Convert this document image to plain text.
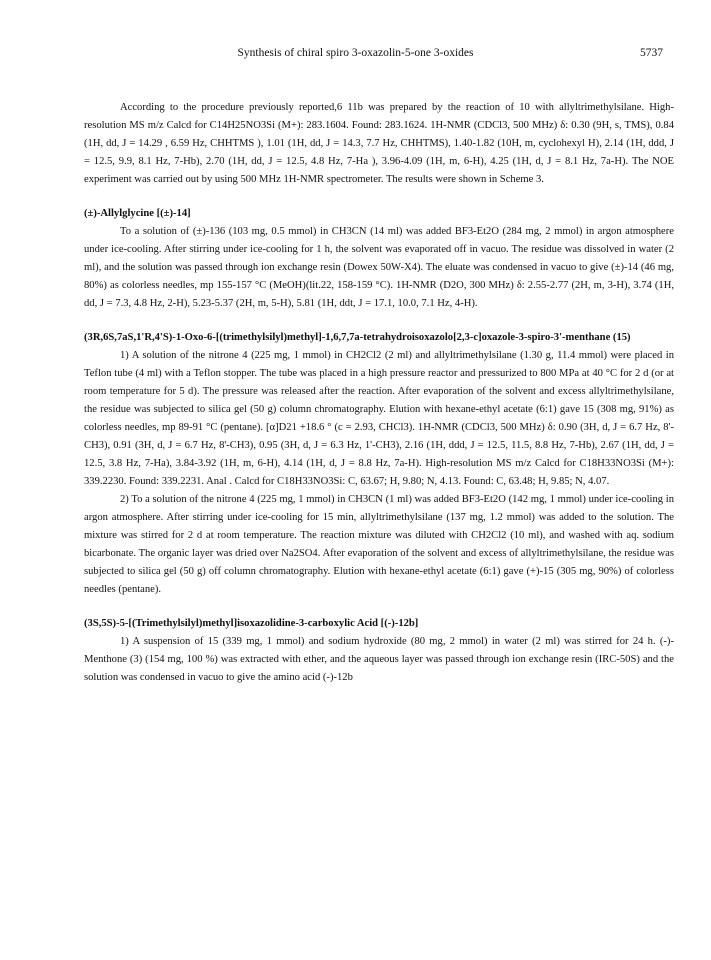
Synthesis of chiral spiro 3-oxazolin-5-one 3-oxides	5737

According to the procedure previously reported,6 11b was prepared by the reaction of 10 with allyltrimethylsilane. High-resolution MS m/z Calcd for C14H25NO3Si (M+): 283.1604. Found: 283.1624. 1H-NMR (CDCl3, 500 MHz) δ: 0.30 (9H, s, TMS), 0.84 (1H, dd, J = 14.29 , 6.59 Hz, CHHTMS ), 1.01 (1H, dd, J = 14.3, 7.7 Hz, CHHTMS), 1.40-1.82 (10H, m, cyclohexyl H), 2.14 (1H, ddd, J = 12.5, 9.9, 8.1 Hz, 7-Hb), 2.70 (1H, dd, J = 12.5, 4.8 Hz, 7-Ha ), 3.96-4.09 (1H, m, 6-H), 4.25 (1H, d, J = 8.1 Hz, 7a-H). The NOE experiment was carried out by using 500 MHz 1H-NMR spectrometer. The results were shown in Scheme 3.

(±)-Allylglycine [(±)-14]

To a solution of (±)-136 (103 mg, 0.5 mmol) in CH3CN (14 ml) was added BF3-Et2O (284 mg, 2 mmol) in argon atmosphere under ice-cooling. After stirring under ice-cooling for 1 h, the solvent was evaporated off in vacuo. The residue was dissolved in water (2 ml), and the solution was passed through ion exchange resin (Dowex 50W-X4). The eluate was condensed in vacuo to give (±)-14 (46 mg, 80%) as colorless needles, mp 155-157 °C (MeOH)(lit.22, 158-159 °C). 1H-NMR (D2O, 300 MHz) δ: 2.55-2.77 (2H, m, 3-H), 3.74 (1H, dd, J = 7.3, 4.8 Hz, 2-H), 5.23-5.37 (2H, m, 5-H), 5.81 (1H, ddt, J = 17.1, 10.0, 7.1 Hz, 4-H).

(3R,6S,7aS,1'R,4'S)-1-Oxo-6-[(trimethylsilyl)methyl]-1,6,7,7a-tetrahydroisoxazolo[2,3-c]oxazole-3-spiro-3'-menthane (15)

1) A solution of the nitrone 4 (225 mg, 1 mmol) in CH2Cl2 (2 ml) and allyltrimethylsilane (1.30 g, 11.4 mmol) were placed in Teflon tube (4 ml) with a Teflon stopper. The tube was placed in a high pressure reactor and pressurized to 800 MPa at 40 °C for 2 d (or at room temperature for 5 d). The pressure was released after the reaction. After evaporation of the solvent and excess allyltrimethylsilane, the residue was subjected to silica gel (50 g) column chromatography. Elution with hexane-ethyl acetate (6:1) gave 15 (308 mg, 91%) as colorless needles, mp 89-91 °C (pentane). [α]D21 +18.6 ° (c = 2.93, CHCl3). 1H-NMR (CDCl3, 500 MHz) δ: 0.90 (3H, d, J = 6.7 Hz, 8'-CH3), 0.91 (3H, d, J = 6.7 Hz, 8'-CH3), 0.95 (3H, d, J = 6.3 Hz, 1'-CH3), 2.16 (1H, ddd, J = 12.5, 11.5, 8.8 Hz, 7-Hb), 2.67 (1H, dd, J = 12.5, 3.8 Hz, 7-Ha), 3.84-3.92 (1H, m, 6-H), 4.14 (1H, d, J = 8.8 Hz, 7a-H). High-resolution MS m/z Calcd for C18H33NO3Si (M+): 339.2230. Found: 339.2231. Anal . Calcd for C18H33NO3Si: C, 63.67; H, 9.80; N, 4.13. Found: C, 63.48; H, 9.85; N, 4.07.

2) To a solution of the nitrone 4 (225 mg, 1 mmol) in CH3CN (1 ml) was added BF3-Et2O (142 mg, 1 mmol) under ice-cooling in argon atmosphere. After stirring under ice-cooling for 15 min, allyltrimethylsilane (137 mg, 1.2 mmol) was added to the solution. The mixture was stirred for 2 d at room temperature. The reaction mixture was diluted with CH2Cl2 (10 ml), and washed with aq. sodium bicarbonate. The organic layer was dried over Na2SO4. After evaporation of the solvent and excess of allyltrimethylsilane, the residue was subjected to silica gel (50 g) off column chromatography. Elution with hexane-ethyl acetate (6:1) gave (+)-15 (305 mg, 90%) of colorless needles (pentane).

(3S,5S)-5-[(Trimethylsilyl)methyl]isoxazolidine-3-carboxylic Acid [(-)-12b]

1) A suspension of 15 (339 mg, 1 mmol) and sodium hydroxide (80 mg, 2 mmol) in water (2 ml) was stirred for 24 h. (-)-Menthone (3) (154 mg, 100 %) was extracted with ether, and the aqueous layer was passed through ion exchange resin (IRC-50S) and the solution was condensed in vacuo to give the amino acid (-)-12b
